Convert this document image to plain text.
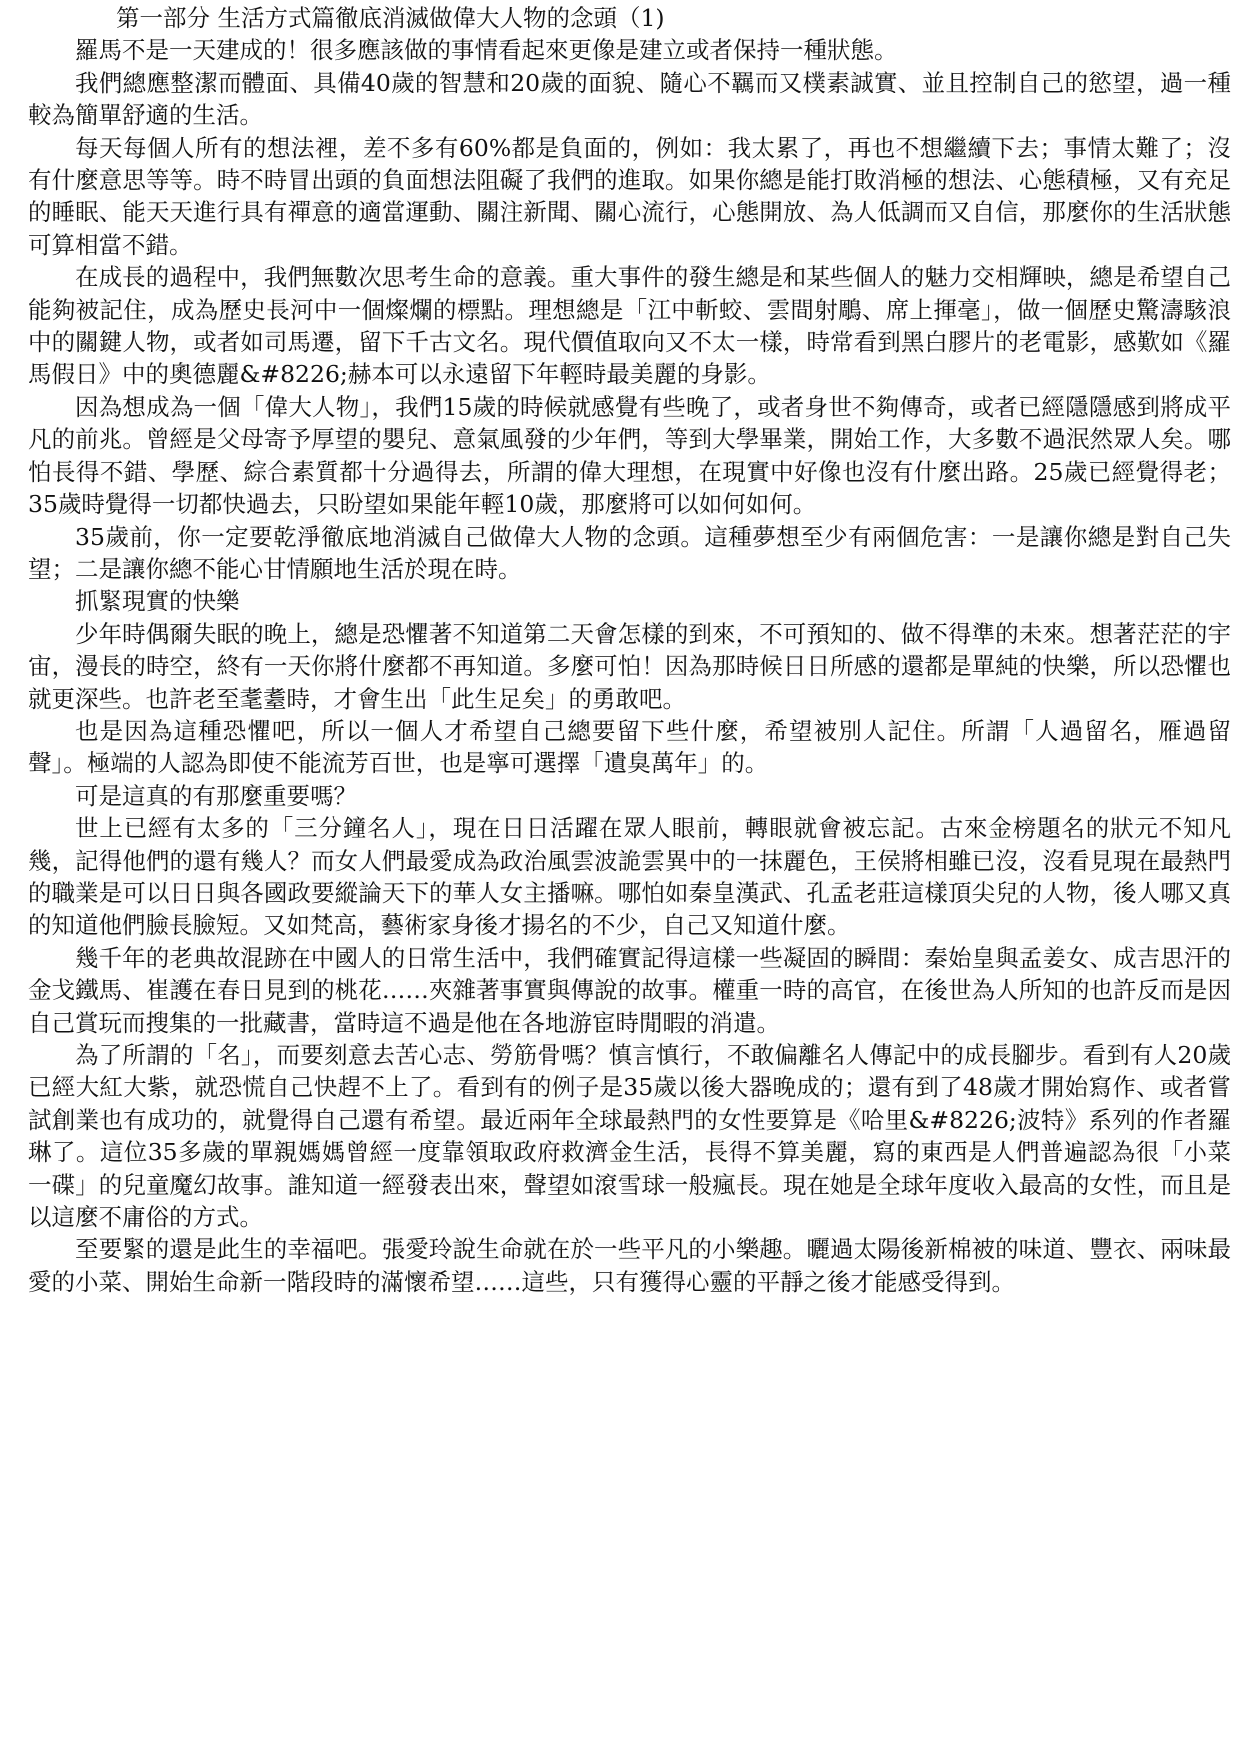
第一部分 生活方式篇徹底消滅做偉大人物的念頭（1)

羅馬不是一天建成的！很多應該做的事情看起來更像是建立或者保持一種狀態。

我們總應整潔而體面、具備40歲的智慧和20歲的面貌、隨心不羈而又樸素誠實、並且控制自己的慾望，過一種較為簡單舒適的生活。

每天每個人所有的想法裡，差不多有60%都是負面的，例如：我太累了，再也不想繼續下去；事情太難了；沒有什麼意思等等。時不時冒出頭的負面想法阻礙了我們的進取。如果你總是能打敗消極的想法、心態積極，又有充足的睡眠、能天天進行具有禪意的適當運動、關注新聞、關心流行，心態開放、為人低調而又自信，那麼你的生活狀態可算相當不錯。

在成長的過程中，我們無數次思考生命的意義。重大事件的發生總是和某些個人的魅力交相輝映，總是希望自己能夠被記住，成為歷史長河中一個燦爛的標點。理想總是「江中斬蛟、雲間射鵰、席上揮毫」，做一個歷史驚濤駭浪中的關鍵人物，或者如司馬遷，留下千古文名。現代價值取向又不太一樣，時常看到黑白膠片的老電影，感歎如《羅馬假日》中的奧德麗&#8226;赫本可以永遠留下年輕時最美麗的身影。

因為想成為一個「偉大人物」，我們15歲的時候就感覺有些晚了，或者身世不夠傳奇，或者已經隱隱感到將成平凡的前兆。曾經是父母寄予厚望的嬰兒、意氣風發的少年們，等到大學畢業，開始工作，大多數不過泯然眾人矣。哪怕長得不錯、學歷、綜合素質都十分過得去，所謂的偉大理想，在現實中好像也沒有什麼出路。25歲已經覺得老；35歲時覺得一切都快過去，只盼望如果能年輕10歲，那麼將可以如何如何。

35歲前，你一定要乾淨徹底地消滅自己做偉大人物的念頭。這種夢想至少有兩個危害：一是讓你總是對自己失望；二是讓你總不能心甘情願地生活於現在時。

抓緊現實的快樂

少年時偶爾失眠的晚上，總是恐懼著不知道第二天會怎樣的到來，不可預知的、做不得準的未來。想著茫茫的宇宙，漫長的時空，終有一天你將什麼都不再知道。多麼可怕！因為那時候日日所感的還都是單純的快樂，所以恐懼也就更深些。也許老至耄耋時，才會生出「此生足矣」的勇敢吧。

也是因為這種恐懼吧，所以一個人才希望自己總要留下些什麼，希望被別人記住。所謂「人過留名，雁過留聲」。極端的人認為即使不能流芳百世，也是寧可選擇「遺臭萬年」的。

可是這真的有那麼重要嗎？

世上已經有太多的「三分鐘名人」，現在日日活躍在眾人眼前，轉眼就會被忘記。古來金榜題名的狀元不知凡幾，記得他們的還有幾人？而女人們最愛成為政治風雲波詭雲異中的一抹麗色，王侯將相雖已沒，沒看見現在最熱門的職業是可以日日與各國政要縱論天下的華人女主播嘛。哪怕如秦皇漢武、孔孟老莊這樣頂尖兒的人物，後人哪又真的知道他們臉長臉短。又如梵高，藝術家身後才揚名的不少，自己又知道什麼。

幾千年的老典故混跡在中國人的日常生活中，我們確實記得這樣一些凝固的瞬間：秦始皇與孟姜女、成吉思汗的金戈鐵馬、崔護在春日見到的桃花……夾雜著事實與傳說的故事。權重一時的高官，在後世為人所知的也許反而是因自己賞玩而搜集的一批藏書，當時這不過是他在各地游宦時閒暇的消遣。

為了所謂的「名」，而要刻意去苦心志、勞筋骨嗎？慎言慎行，不敢偏離名人傳記中的成長腳步。看到有人20歲已經大紅大紫，就恐慌自己快趕不上了。看到有的例子是35歲以後大器晚成的；還有到了48歲才開始寫作、或者嘗試創業也有成功的，就覺得自己還有希望。最近兩年全球最熱門的女性要算是《哈里&#8226;波特》系列的作者羅琳了。這位35多歲的單親媽媽曾經一度靠領取政府救濟金生活，長得不算美麗，寫的東西是人們普遍認為很「小菜一碟」的兒童魔幻故事。誰知道一經發表出來，聲望如滾雪球一般瘋長。現在她是全球年度收入最高的女性，而且是以這麼不庸俗的方式。

至要緊的還是此生的幸福吧。張愛玲說生命就在於一些平凡的小樂趣。曬過太陽後新棉被的味道、豐衣、兩味最愛的小菜、開始生命新一階段時的滿懷希望……這些，只有獲得心靈的平靜之後才能感受得到。
